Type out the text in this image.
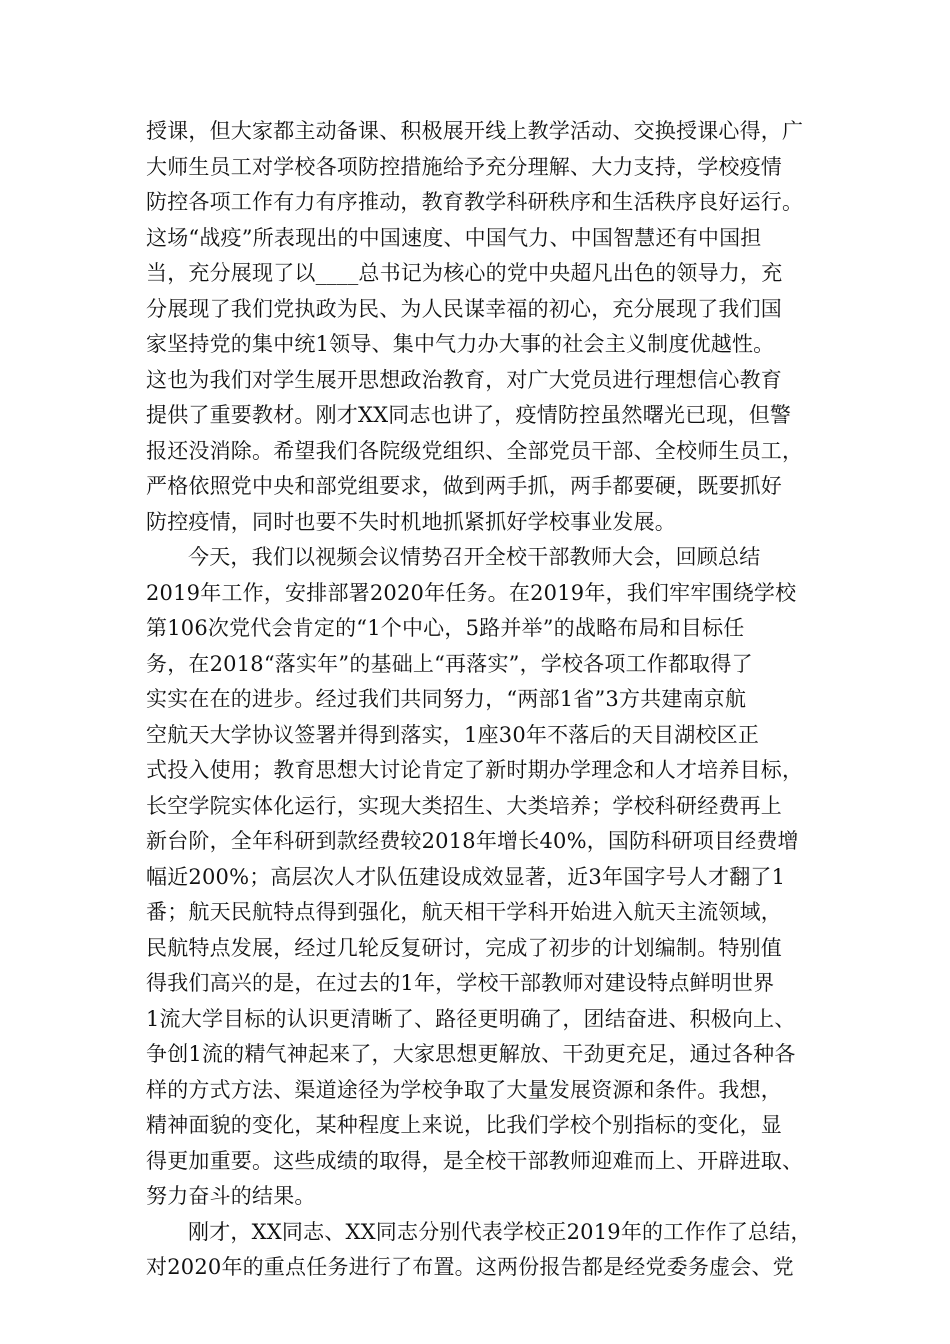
授课，但大家都主动备课、积极展开线上教学活动、交换授课心得，广
大师生员工对学校各项防控措施给予充分理解、大力支持，学校疫情
防控各项工作有力有序推动，教育教学科研秩序和生活秩序良好运行。
这场“战疫”所表现出的中国速度、中国气力、中国智慧还有中国担
当，充分展现了以____总书记为核心的党中央超凡出色的领导力，充
分展现了我们党执政为民、为人民谋幸福的初心，充分展现了我们国
家坚持党的集中统1领导、集中气力办大事的社会主义制度优越性。
这也为我们对学生展开思想政治教育，对广大党员进行理想信心教育
提供了重要教材。刚才XX同志也讲了，疫情防控虽然曙光已现，但警
报还没消除。希望我们各院级党组织、全部党员干部、全校师生员工，
严格依照党中央和部党组要求，做到两手抓，两手都要硬，既要抓好
防控疫情，同时也要不失时机地抓紧抓好学校事业发展。
今天，我们以视频会议情势召开全校干部教师大会，回顾总结
2019年工作，安排部署2020年任务。在2019年，我们牢牢围绕学校
第106次党代会肯定的“1个中心，5路并举”的战略布局和目标任
务，在2018“落实年”的基础上“再落实”，学校各项工作都取得了
实实在在的进步。经过我们共同努力，“两部1省”3方共建南京航
空航天大学协议签署并得到落实，1座30年不落后的天目湖校区正
式投入使用；教育思想大讨论肯定了新时期办学理念和人才培养目标，
长空学院实体化运行，实现大类招生、大类培养；学校科研经费再上
新台阶，全年科研到款经费较2018年增长40%，国防科研项目经费增
幅近200%；高层次人才队伍建设成效显著，近3年国字号人才翻了1
番；航天民航特点得到强化，航天相干学科开始进入航天主流领域，
民航特点发展，经过几轮反复研讨，完成了初步的计划编制。特别值
得我们高兴的是，在过去的1年，学校干部教师对建设特点鲜明世界
1流大学目标的认识更清晰了、路径更明确了，团结奋进、积极向上、
争创1流的精气神起来了，大家思想更解放、干劲更充足，通过各种各
样的方式方法、渠道途径为学校争取了大量发展资源和条件。我想，
精神面貌的变化，某种程度上来说，比我们学校个别指标的变化，显
得更加重要。这些成绩的取得，是全校干部教师迎难而上、开辟进取、
努力奋斗的结果。
刚才，XX同志、XX同志分别代表学校正2019年的工作作了总结，
对2020年的重点任务进行了布置。这两份报告都是经党委务虚会、党
